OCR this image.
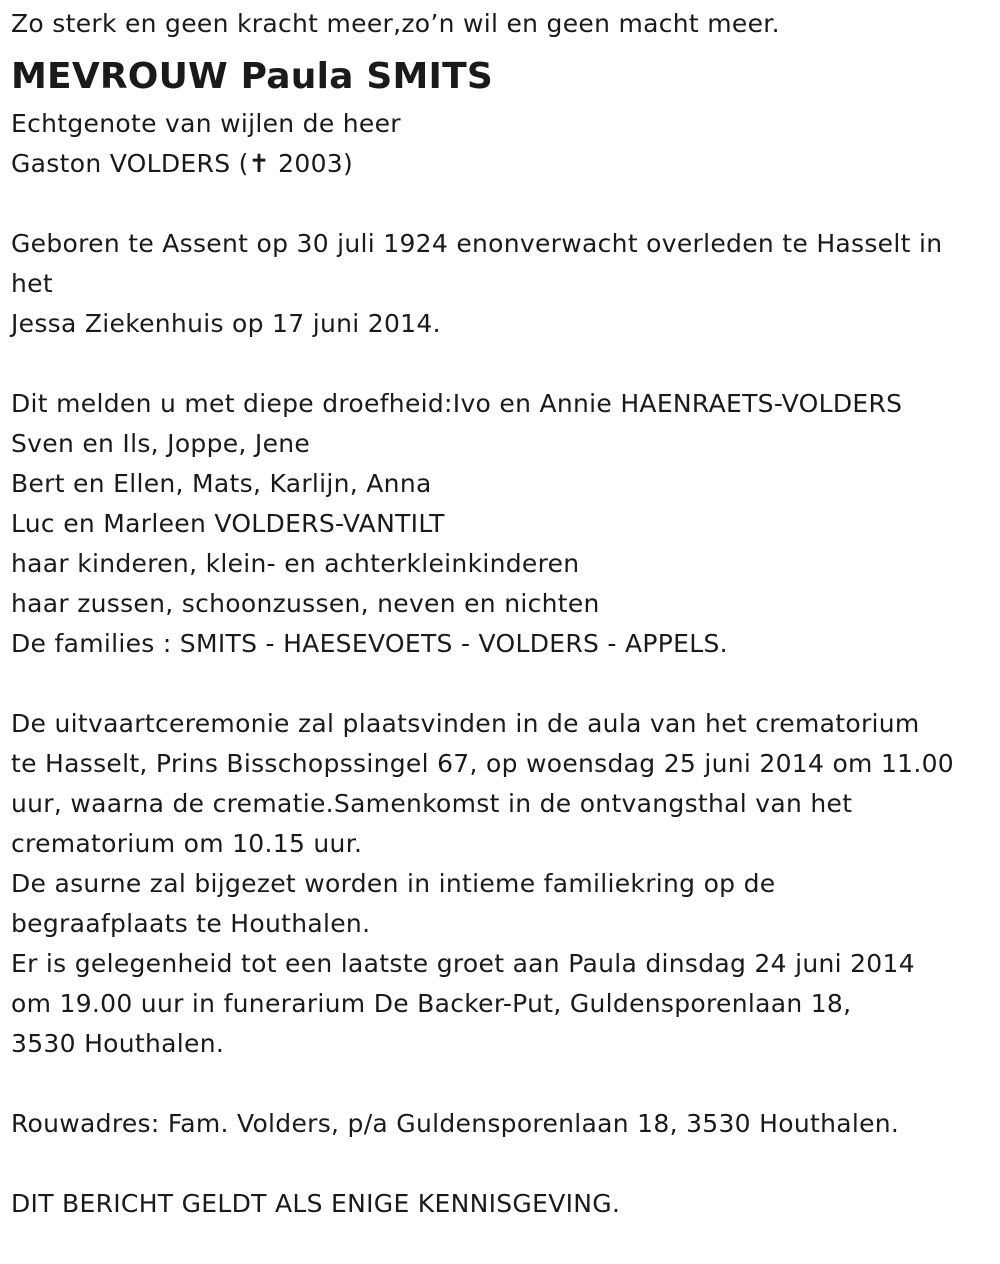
Zo sterk en geen kracht meer,zo’n wil en geen macht meer.
MEVROUW Paula SMITS
Echtgenote van wijlen de heer
Gaston VOLDERS (✝ 2003)
Geboren te Assent op 30 juli 1924 enonverwacht overleden te Hasselt in
het
Jessa Ziekenhuis op 17 juni 2014.
Dit melden u met diepe droefheid:Ivo en Annie HAENRAETS-VOLDERS
Sven en Ils, Joppe, Jene
Bert en Ellen, Mats, Karlijn, Anna
Luc en Marleen VOLDERS-VANTILT
haar kinderen, klein- en achterkleinkinderen
haar zussen, schoonzussen, neven en nichten
De families : SMITS - HAESEVOETS - VOLDERS - APPELS.
De uitvaartceremonie zal plaatsvinden in de aula van het crematorium
te Hasselt, Prins Bisschopssingel 67, op woensdag 25 juni 2014 om 11.00
uur, waarna de crematie.Samenkomst in de ontvangsthal van het
crematorium om 10.15 uur.
De asurne zal bijgezet worden in intieme familiekring op de
begraafplaats te Houthalen.
Er is gelegenheid tot een laatste groet aan Paula dinsdag 24 juni 2014
om 19.00 uur in funerarium De Backer-Put, Guldensporenlaan 18,
3530 Houthalen.
Rouwadres: Fam. Volders, p/a Guldensporenlaan 18, 3530 Houthalen.
DIT BERICHT GELDT ALS ENIGE KENNISGEVING.
